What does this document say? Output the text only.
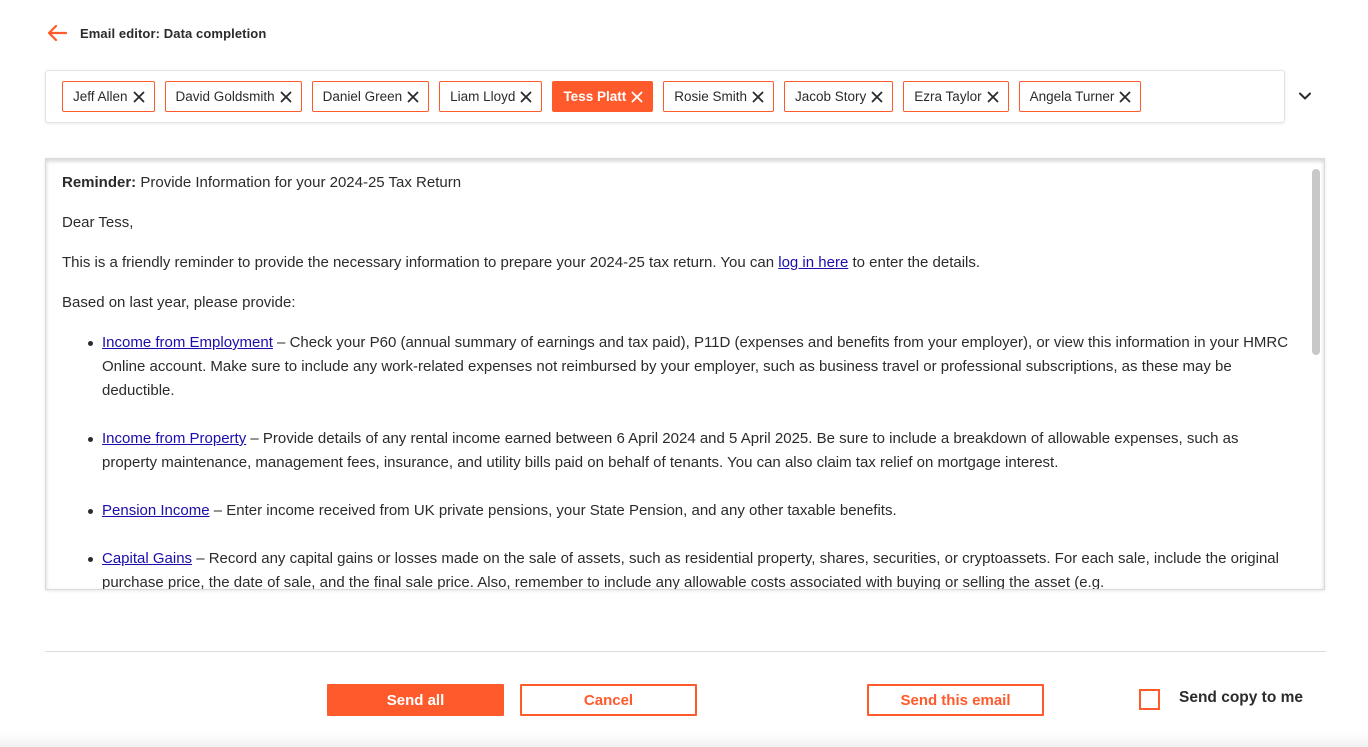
Email editor: Data completion
Jeff Allen	David Goldsmith	Daniel Green	Liam Lloyd	Tess Platt	Rosie Smith	Jacob Story	Ezra Taylor	Angela Turner

Reminder: Provide Information for your 2024-25 Tax Return

Dear Tess,

This is a friendly reminder to provide the necessary information to prepare your 2024-25 tax return. You can log in here to enter the details.

Based on last year, please provide:

Income from Employment – Check your P60 (annual summary of earnings and tax paid), P11D (expenses and benefits from your employer), or view this information in your HMRC Online account. Make sure to include any work-related expenses not reimbursed by your employer, such as business travel or professional subscriptions, as these may be deductible.
Income from Property – Provide details of any rental income earned between 6 April 2024 and 5 April 2025. Be sure to include a breakdown of allowable expenses, such as property maintenance, management fees, insurance, and utility bills paid on behalf of tenants. You can also claim tax relief on mortgage interest.
Pension Income – Enter income received from UK private pensions, your State Pension, and any other taxable benefits.
Capital Gains – Record any capital gains or losses made on the sale of assets, such as residential property, shares, securities, or cryptoassets. For each sale, include the original purchase price, the date of sale, and the final sale price. Also, remember to include any allowable costs associated with buying or selling the asset (e.g.
Send all	Cancel	Send this email	Send copy to me
